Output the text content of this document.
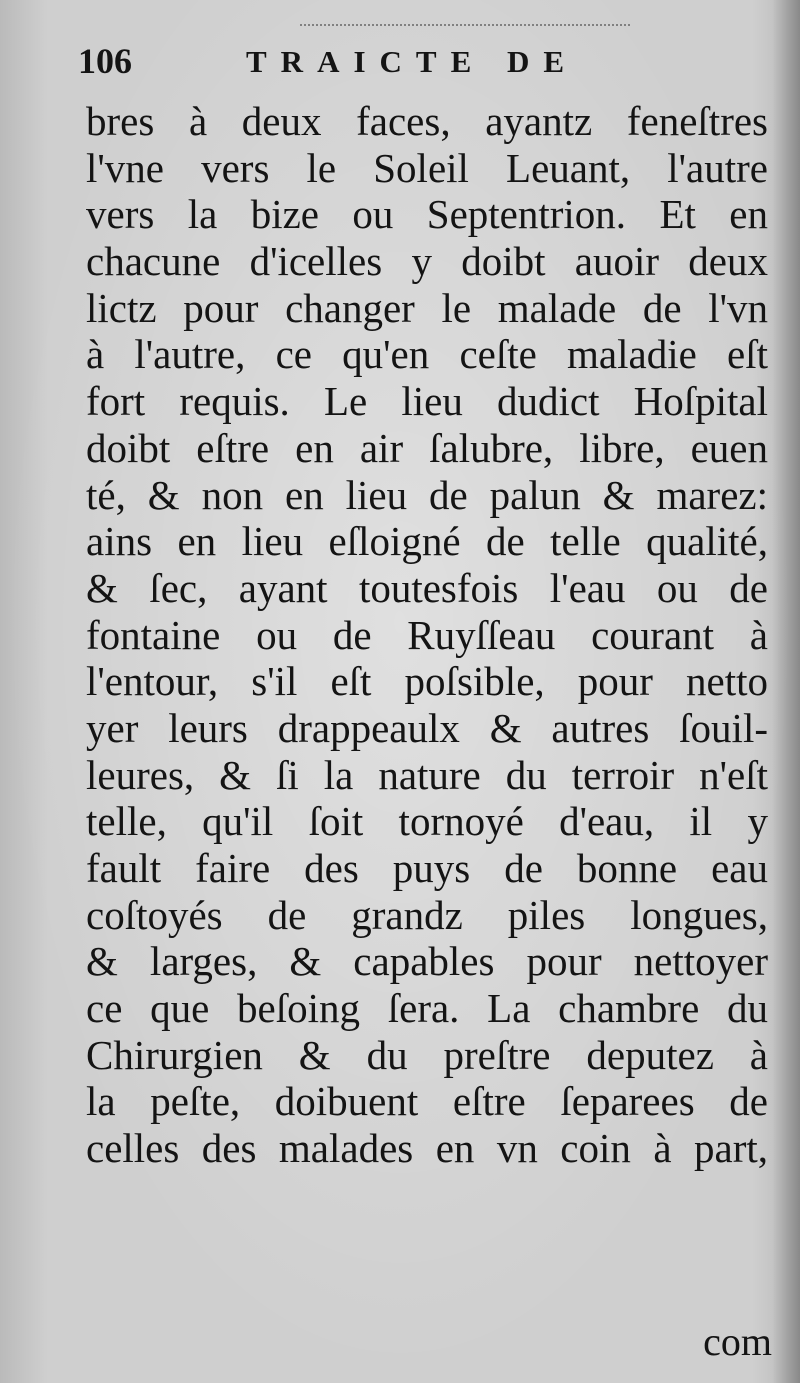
106	TRAICTE DE
bres à deux faces, ayantz feneſtres
l'vne vers le Soleil Leuant, l'autre
vers la bize ou Septentrion. Et en
chacune d'icelles y doibt auoir deux
lictz pour changer le malade de l'vn
à l'autre, ce qu'en ceſte maladie eſt
fort requis. Le lieu dudict Hoſpital
doibt eſtre en air ſalubre, libre, euen
té, & non en lieu de palun & marez:
ains en lieu eſloigné de telle qualité,
& ſec, ayant toutesfois l'eau ou de
fontaine ou de Ruyſſeau courant à
l'entour, s'il eſt poſsible, pour netto
yer leurs drappeaulx & autres ſouil-
leures, & ſi la nature du terroir n'eſt
telle, qu'il ſoit tornoyé d'eau, il y
fault faire des puys de bonne eau
coſtoyés de grandz piles longues,
& larges, & capables pour nettoyer
ce que beſoing ſera. La chambre du
Chirurgien & du preſtre deputez à
la peſte, doibuent eſtre ſeparees de
celles des malades en vn coin à part,
com
